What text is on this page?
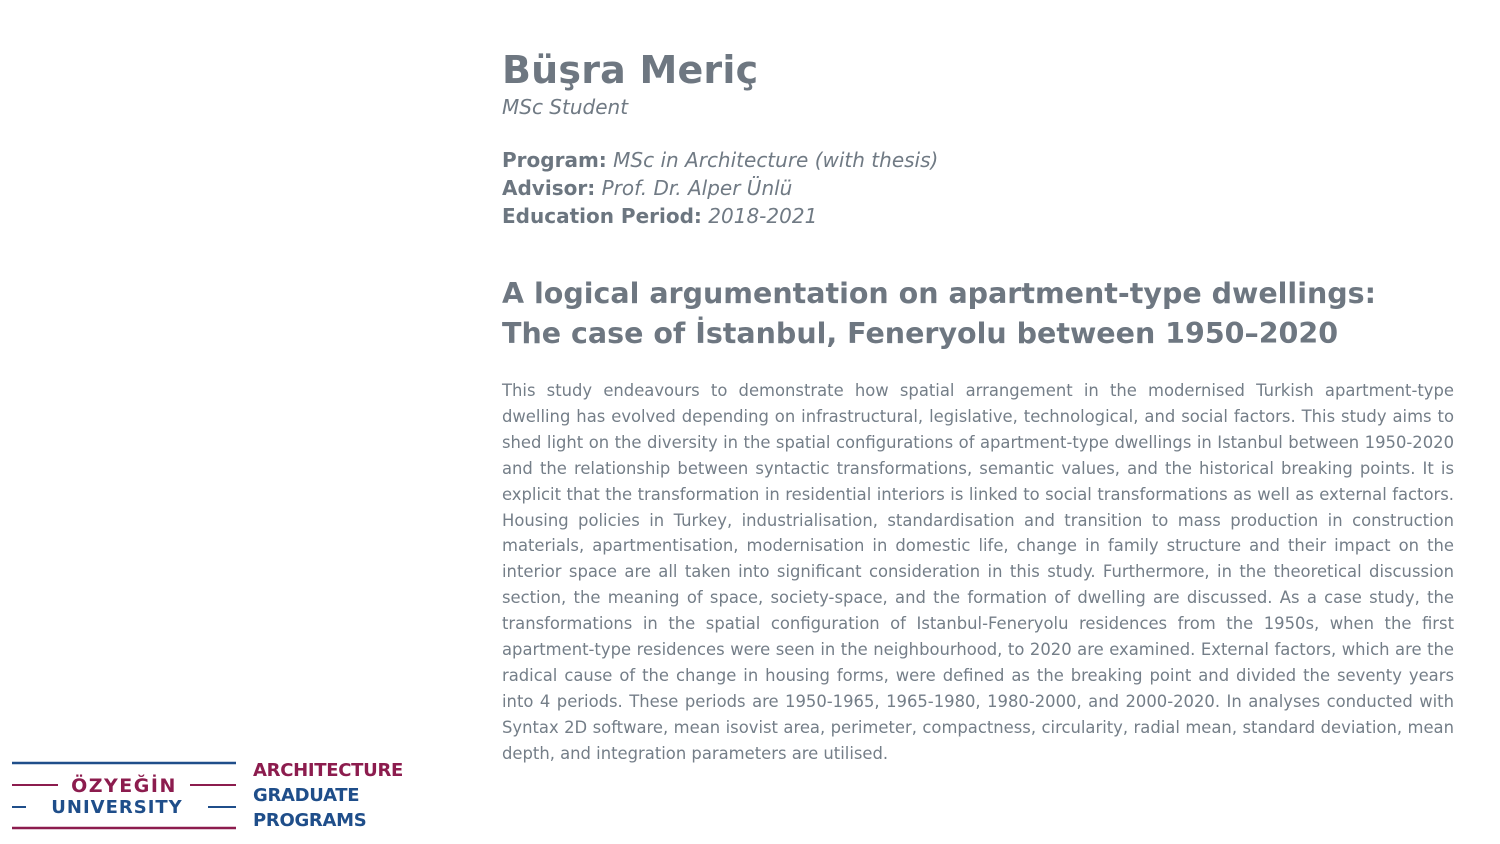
Büşra Meriç

MSc Student

Program: MSc in Architecture (with thesis)

Advisor: Prof. Dr. Alper Ünlü

Education Period: 2018-2021

A logical argumentation on apartment-type dwellings:
The case of İstanbul, Feneryolu between 1950–2020

This study endeavours to demonstrate how spatial arrangement in the modernised Turkish apartment-type dwelling has evolved depending on infrastructural, legislative, technological, and social factors. This study aims to shed light on the diversity in the spatial configurations of apartment-type dwellings in Istanbul between 1950-2020 and the relationship between syntactic transformations, semantic values, and the historical breaking points. It is explicit that the transformation in residential interiors is linked to social transformations as well as external factors. Housing policies in Turkey, industrialisation, standardisation and transition to mass production in construction materials, apartmentisation, modernisation in domestic life, change in family structure and their impact on the interior space are all taken into significant consideration in this study. Furthermore, in the theoretical discussion section, the meaning of space, society-space, and the formation of dwelling are discussed. As a case study, the transformations in the spatial configuration of Istanbul-Feneryolu residences from the 1950s, when the first apartment-type residences were seen in the neighbourhood, to 2020 are examined. External factors, which are the radical cause of the change in housing forms, were defined as the breaking point and divided the seventy years into 4 periods. These periods are 1950-1965, 1965-1980, 1980-2000, and 2000-2020. In analyses conducted with Syntax 2D software, mean isovist area, perimeter, compactness, circularity, radial mean, standard deviation, mean depth, and integration parameters are utilised.

ÖZYEĞİN
UNIVERSITY
ARCHITECTURE
GRADUATE
PROGRAMS
